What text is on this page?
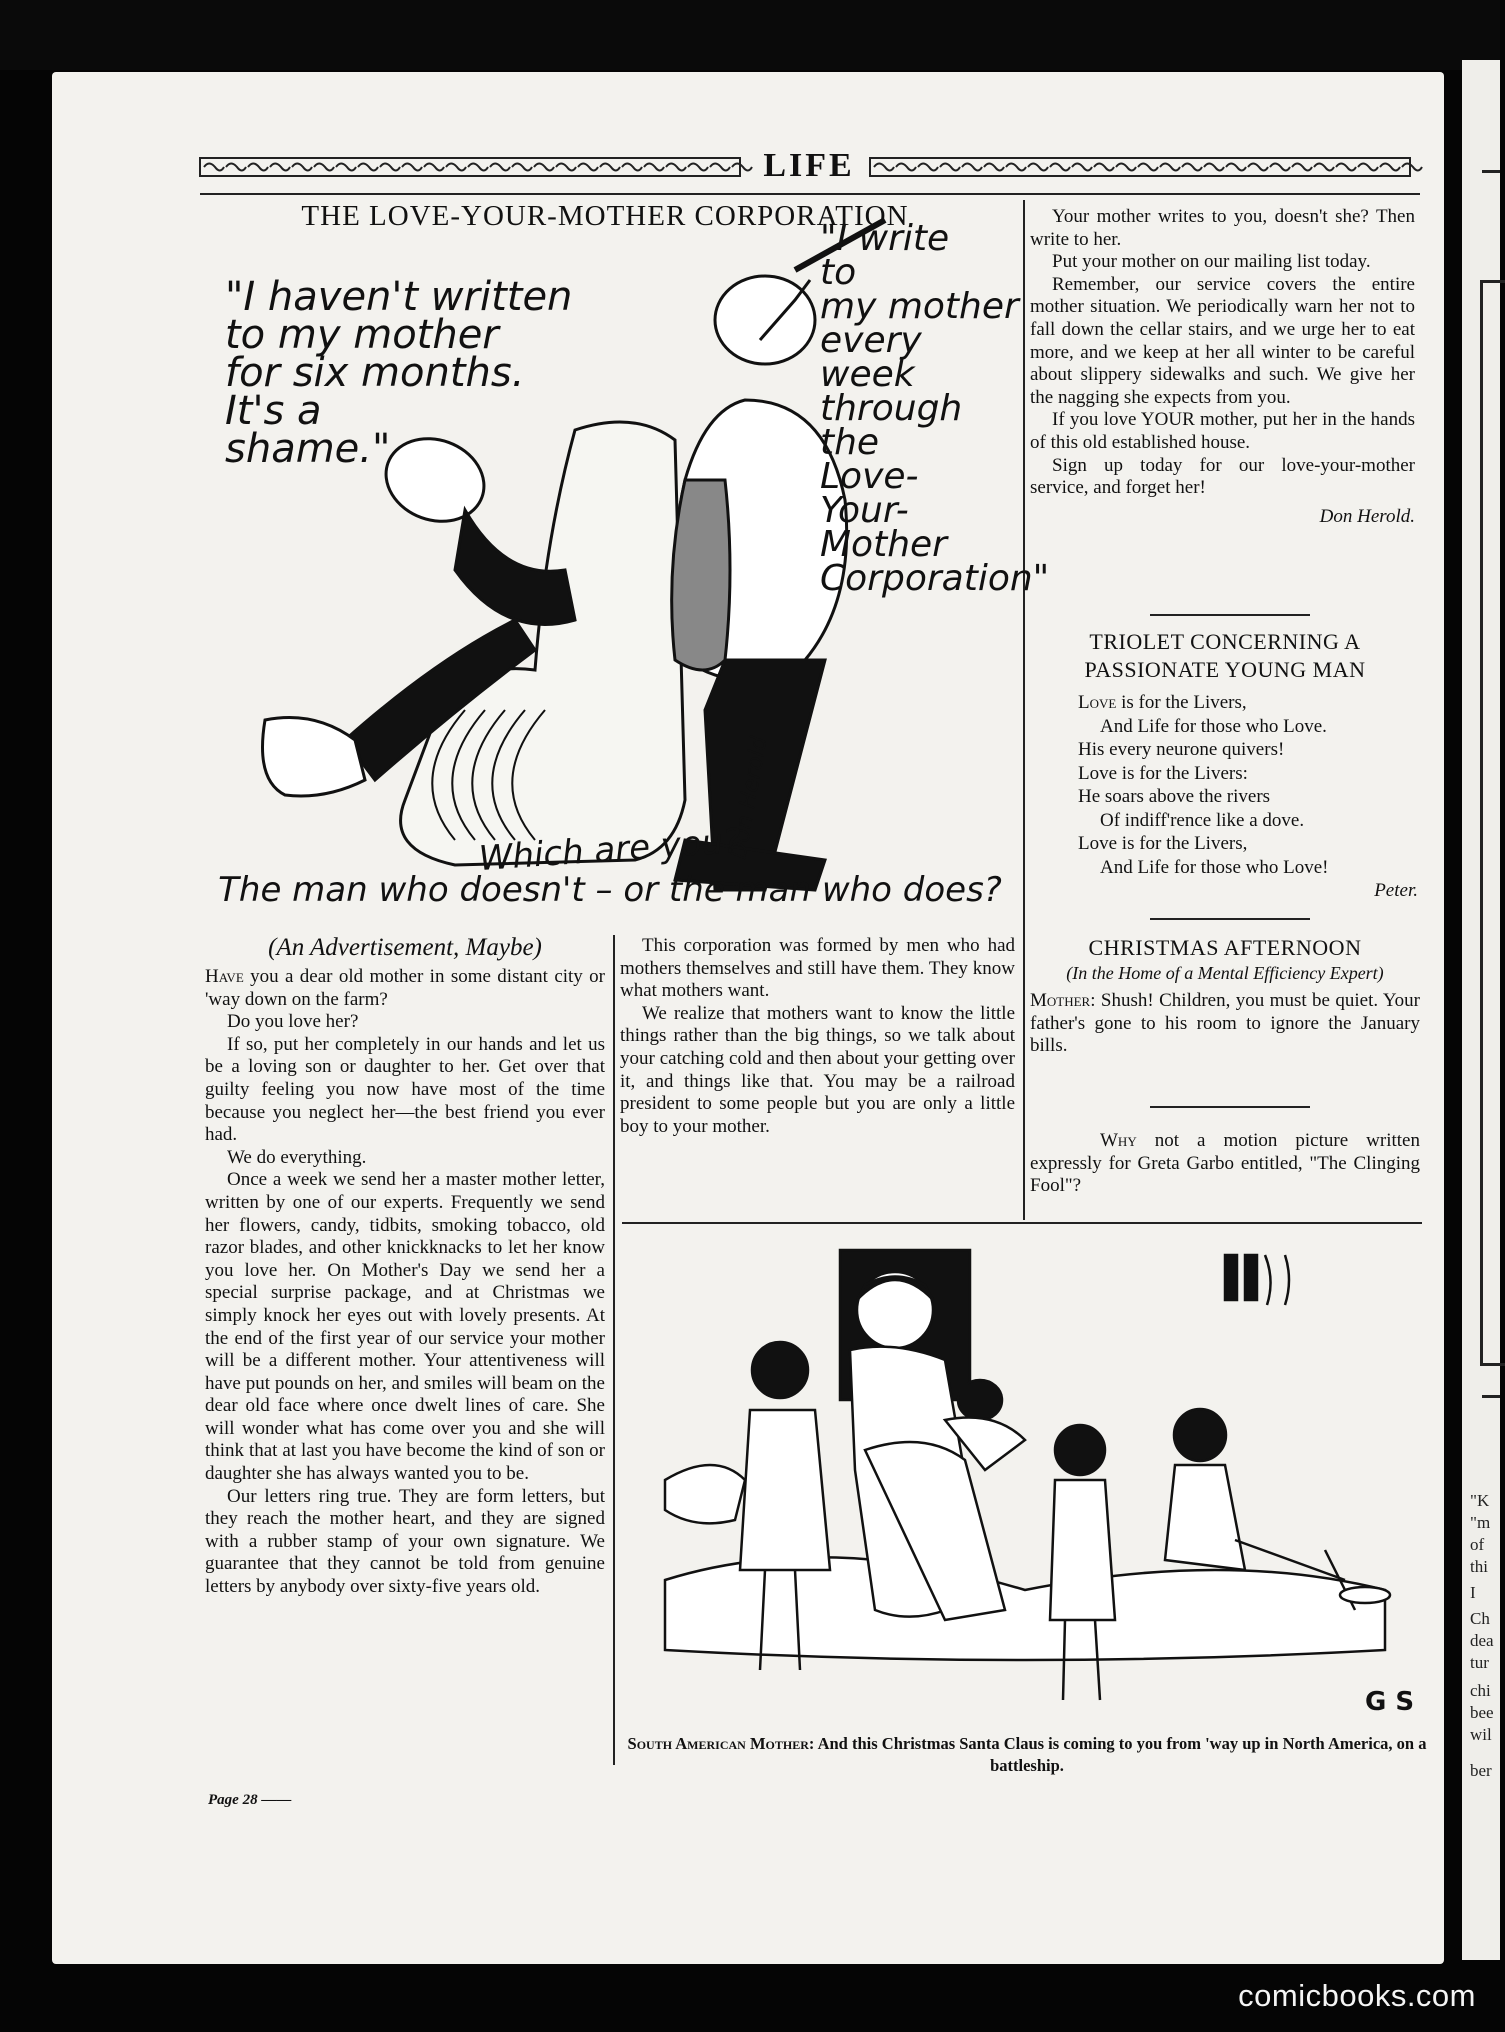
"K
"m
of
thi
I
Ch
dea
tur
chi
bee
wil
ber
LIFE
THE LOVE-YOUR-MOTHER CORPORATION
"I haven't written to my mother for six months. It's a shame."
"I write to my mother every week through the Love-Your-Mother Corporation"
Don Herold
Which are you?
The man who doesn't – or the man who does?
(An Advertisement, Maybe)

Have you a dear old mother in some distant city or 'way down on the farm?

Do you love her?

If so, put her completely in our hands and let us be a loving son or daughter to her. Get over that guilty feeling you now have most of the time because you neglect her—the best friend you ever had.

We do everything.

Once a week we send her a master mother letter, written by one of our experts. Frequently we send her flowers, candy, tidbits, smoking tobacco, old razor blades, and other knickknacks to let her know you love her. On Mother's Day we send her a special surprise package, and at Christmas we simply knock her eyes out with lovely presents. At the end of the first year of our service your mother will be a different mother. Your attentiveness will have put pounds on her, and smiles will beam on the dear old face where once dwelt lines of care. She will wonder what has come over you and she will think that at last you have become the kind of son or daughter she has always wanted you to be.

Our letters ring true. They are form letters, but they reach the mother heart, and they are signed with a rubber stamp of your own signature. We guarantee that they cannot be told from genuine letters by anybody over sixty-five years old.

This corporation was formed by men who had mothers themselves and still have them. They know what mothers want.

We realize that mothers want to know the little things rather than the big things, so we talk about your catching cold and then about your getting over it, and things like that. You may be a railroad president to some people but you are only a little boy to your mother.

Your mother writes to you, doesn't she? Then write to her.

Put your mother on our mailing list today.

Remember, our service covers the entire mother situation. We periodically warn her not to fall down the cellar stairs, and we urge her to eat more, and we keep at her all winter to be careful about slippery sidewalks and such. We give her the nagging she expects from you.

If you love YOUR mother, put her in the hands of this old established house.

Sign up today for our love-your-mother service, and forget her!

Don Herold.
TRIOLET CONCERNING A PASSIONATE YOUNG MAN
Love is for the Livers,
And Life for those who Love.
His every neurone quivers!
Love is for the Livers:
He soars above the rivers
Of indiff'rence like a dove.
Love is for the Livers,
And Life for those who Love!
Peter.
CHRISTMAS AFTERNOON
(In the Home of a Mental Efficiency Expert)

Mother: Shush! Children, you must be quiet. Your father's gone to his room to ignore the January bills.

Why not a motion picture written expressly for Greta Garbo entitled, "The Clinging Fool"?

G S
South American Mother: And this Christmas Santa Claus is coming to you from 'way up in North America, on a battleship.
Page 28 ——
comicbooks.com
